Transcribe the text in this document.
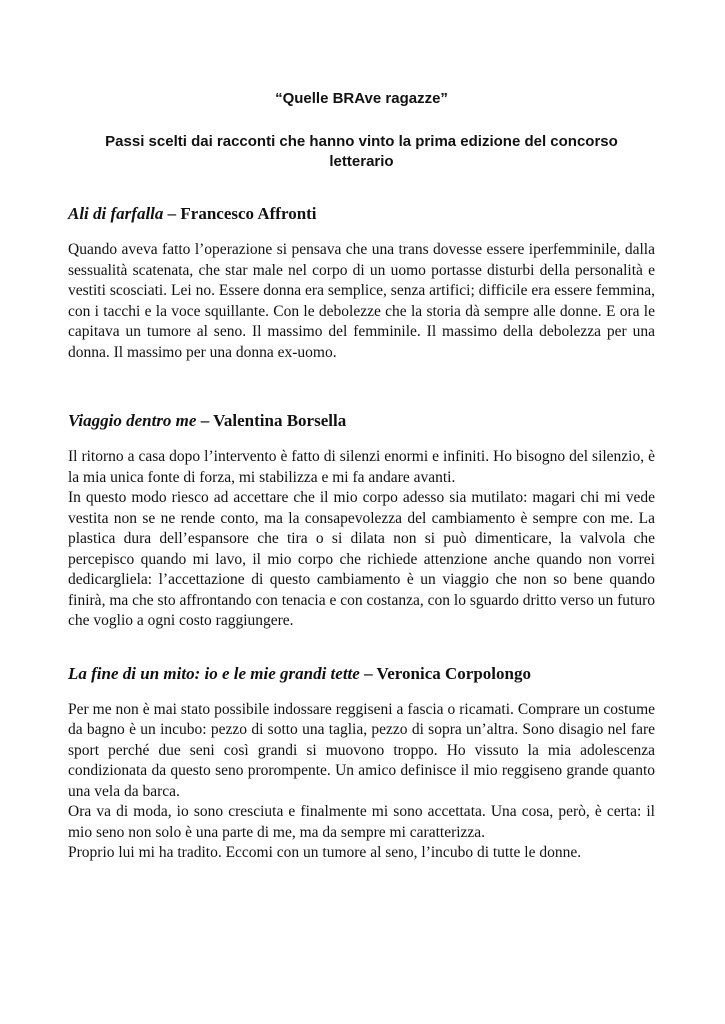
“Quelle BRAve ragazze”
Passi scelti dai racconti che hanno vinto la prima edizione del concorso letterario
Ali di farfalla – Francesco Affronti

Quando aveva fatto l’operazione si pensava che una trans dovesse essere iperfemminile, dalla sessualità scatenata, che star male nel corpo di un uomo portasse disturbi della personalità e vestiti scosciati. Lei no. Essere donna era semplice, senza artifici; difficile era essere femmina, con i tacchi e la voce squillante. Con le debolezze che la storia dà sempre alle donne. E ora le capitava un tumore al seno. Il massimo del femminile. Il massimo della debolezza per una donna. Il massimo per una donna ex-uomo.

Viaggio dentro me – Valentina Borsella

Il ritorno a casa dopo l’intervento è fatto di silenzi enormi e infiniti. Ho bisogno del silenzio, è la mia unica fonte di forza, mi stabilizza e mi fa andare avanti.

In questo modo riesco ad accettare che il mio corpo adesso sia mutilato: magari chi mi vede vestita non se ne rende conto, ma la consapevolezza del cambiamento è sempre con me. La plastica dura dell’espansore che tira o si dilata non si può dimenticare, la valvola che percepisco quando mi lavo, il mio corpo che richiede attenzione anche quando non vorrei dedicargliela: l’accettazione di questo cambiamento è un viaggio che non so bene quando finirà, ma che sto affrontando con tenacia e con costanza, con lo sguardo dritto verso un futuro che voglio a ogni costo raggiungere.

La fine di un mito: io e le mie grandi tette – Veronica Corpolongo

Per me non è mai stato possibile indossare reggiseni a fascia o ricamati. Comprare un costume da bagno è un incubo: pezzo di sotto una taglia, pezzo di sopra un’altra. Sono disagio nel fare sport perché due seni così grandi si muovono troppo. Ho vissuto la mia adolescenza condizionata da questo seno prorompente. Un amico definisce il mio reggiseno grande quanto una vela da barca.

Ora va di moda, io sono cresciuta e finalmente mi sono accettata. Una cosa, però, è certa: il mio seno non solo è una parte di me, ma da sempre mi caratterizza.

Proprio lui mi ha tradito. Eccomi con un tumore al seno, l’incubo di tutte le donne.
